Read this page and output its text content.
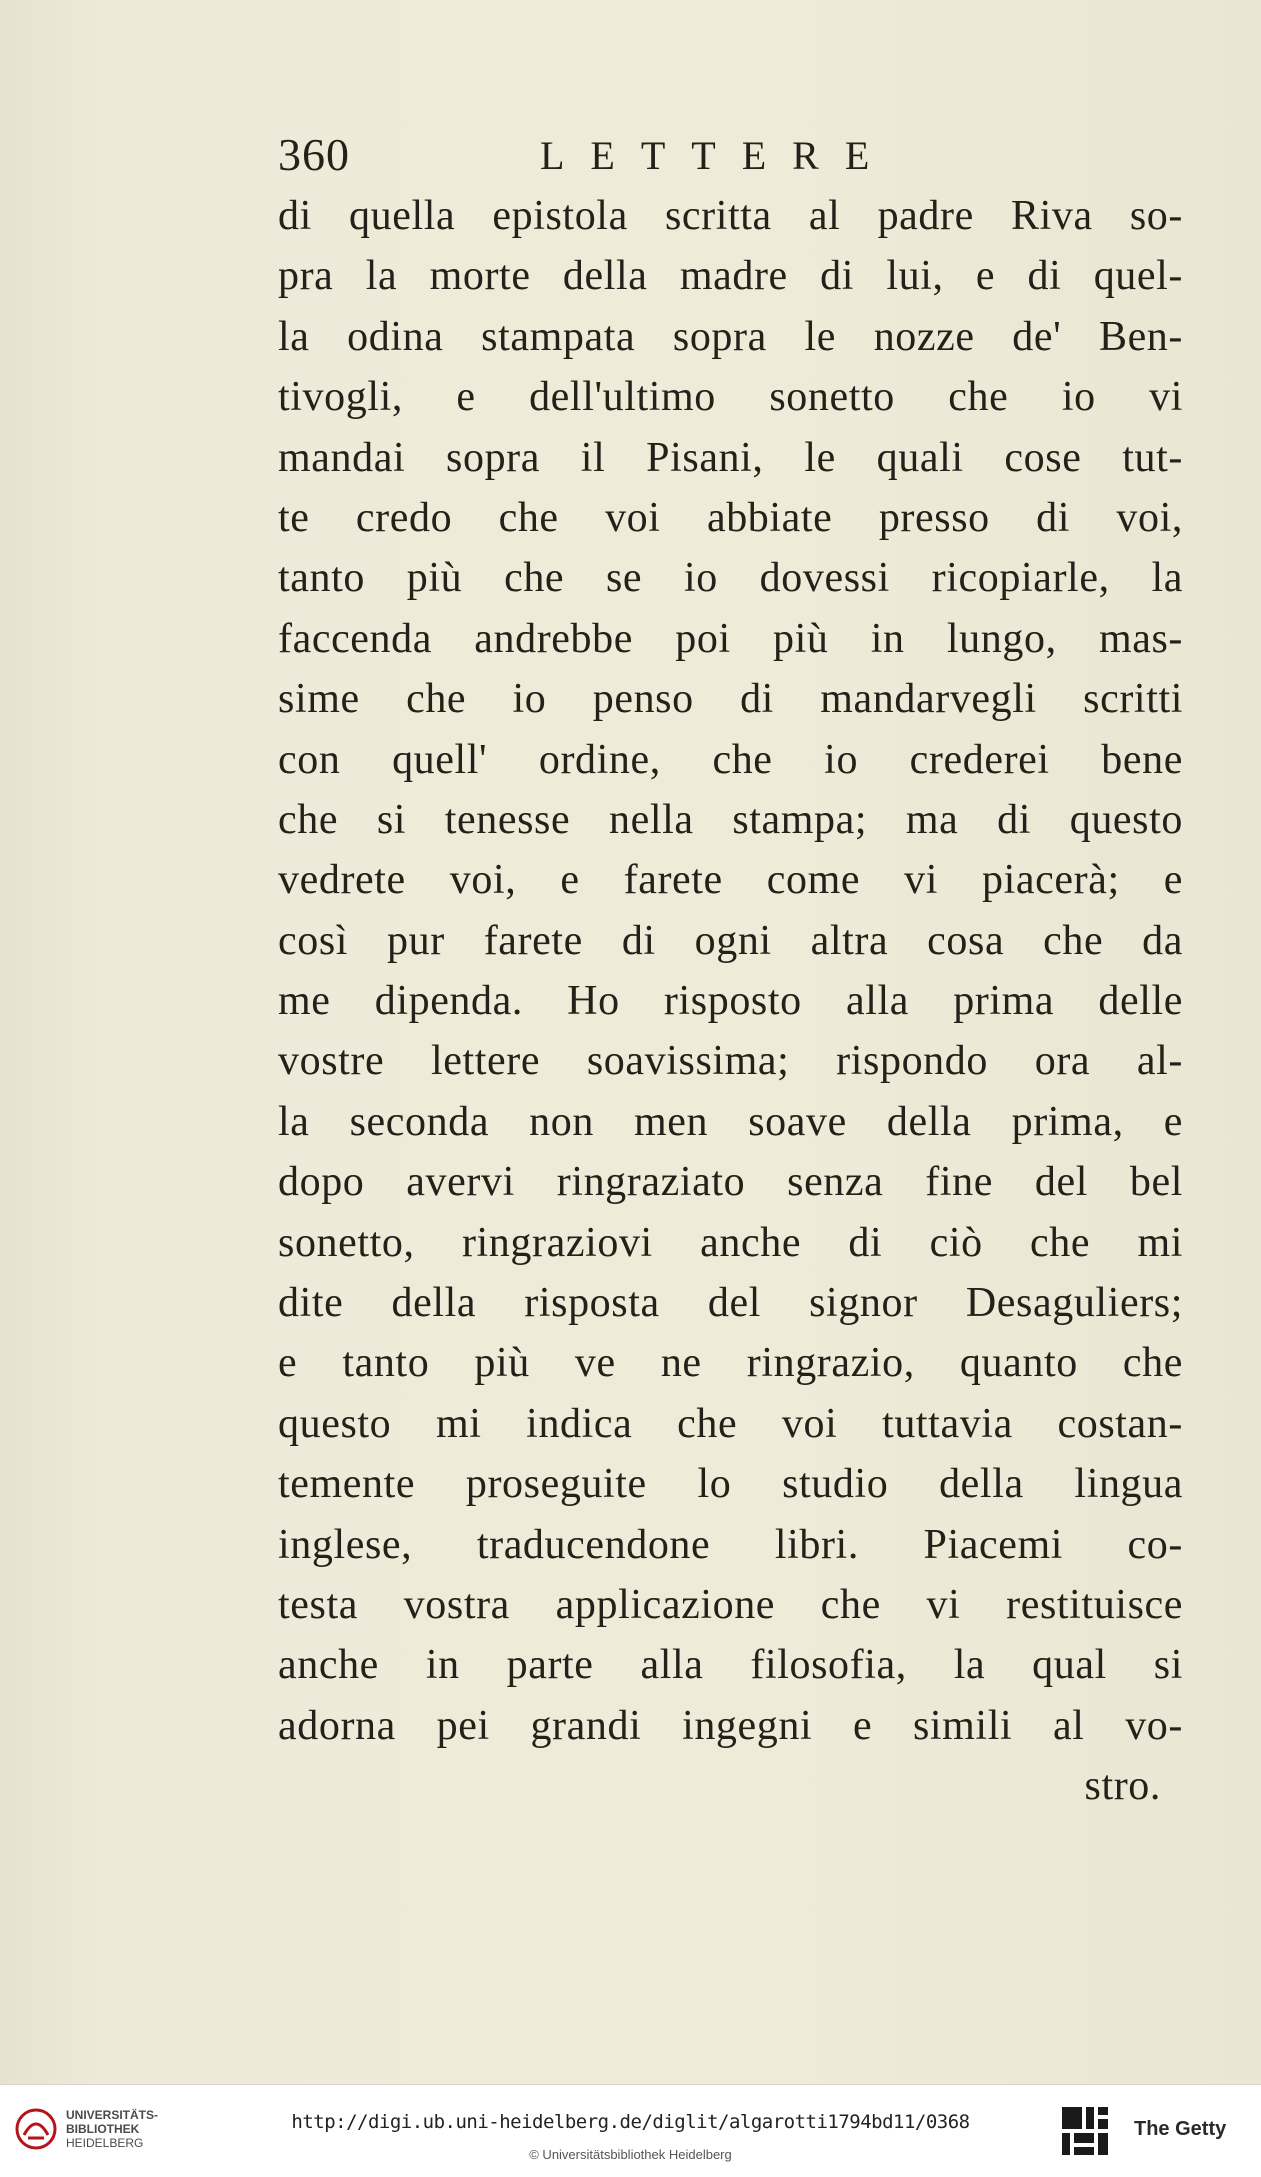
360	LETTERE
di quella epistola scritta al padre Riva so-
pra la morte della madre di lui, e di quel-
la odina stampata sopra le nozze de' Ben-
tivogli, e dell'ultimo sonetto che io vi
mandai sopra il Pisani, le quali cose tut-
te credo che voi abbiate presso di voi,
tanto più che se io dovessi ricopiarle, la
faccenda andrebbe poi più in lungo, mas-
sime che io penso di mandarvegli scritti
con quell' ordine, che io crederei bene
che si tenesse nella stampa; ma di questo
vedrete voi, e farete come vi piacerà; e
così pur farete di ogni altra cosa che da
me dipenda. Ho risposto alla prima delle
vostre lettere soavissima; rispondo ora al-
la seconda non men soave della prima, e
dopo avervi ringraziato senza fine del bel
sonetto, ringraziovi anche di ciò che mi
dite della risposta del signor Desaguliers;
e tanto più ve ne ringrazio, quanto che
questo mi indica che voi tuttavia costan-
temente proseguite lo studio della lingua
inglese, traducendone libri. Piacemi co-
testa vostra applicazione che vi restituisce
anche in parte alla filosofia, la qual si
adorna pei grandi ingegni e simili al vo-
stro.
UNIVERSITÄTS-
BIBLIOTHEK
HEIDELBERG
http://digi.ub.uni-heidelberg.de/diglit/algarotti1794bd11/0368
© Universitätsbibliothek Heidelberg
The Getty
